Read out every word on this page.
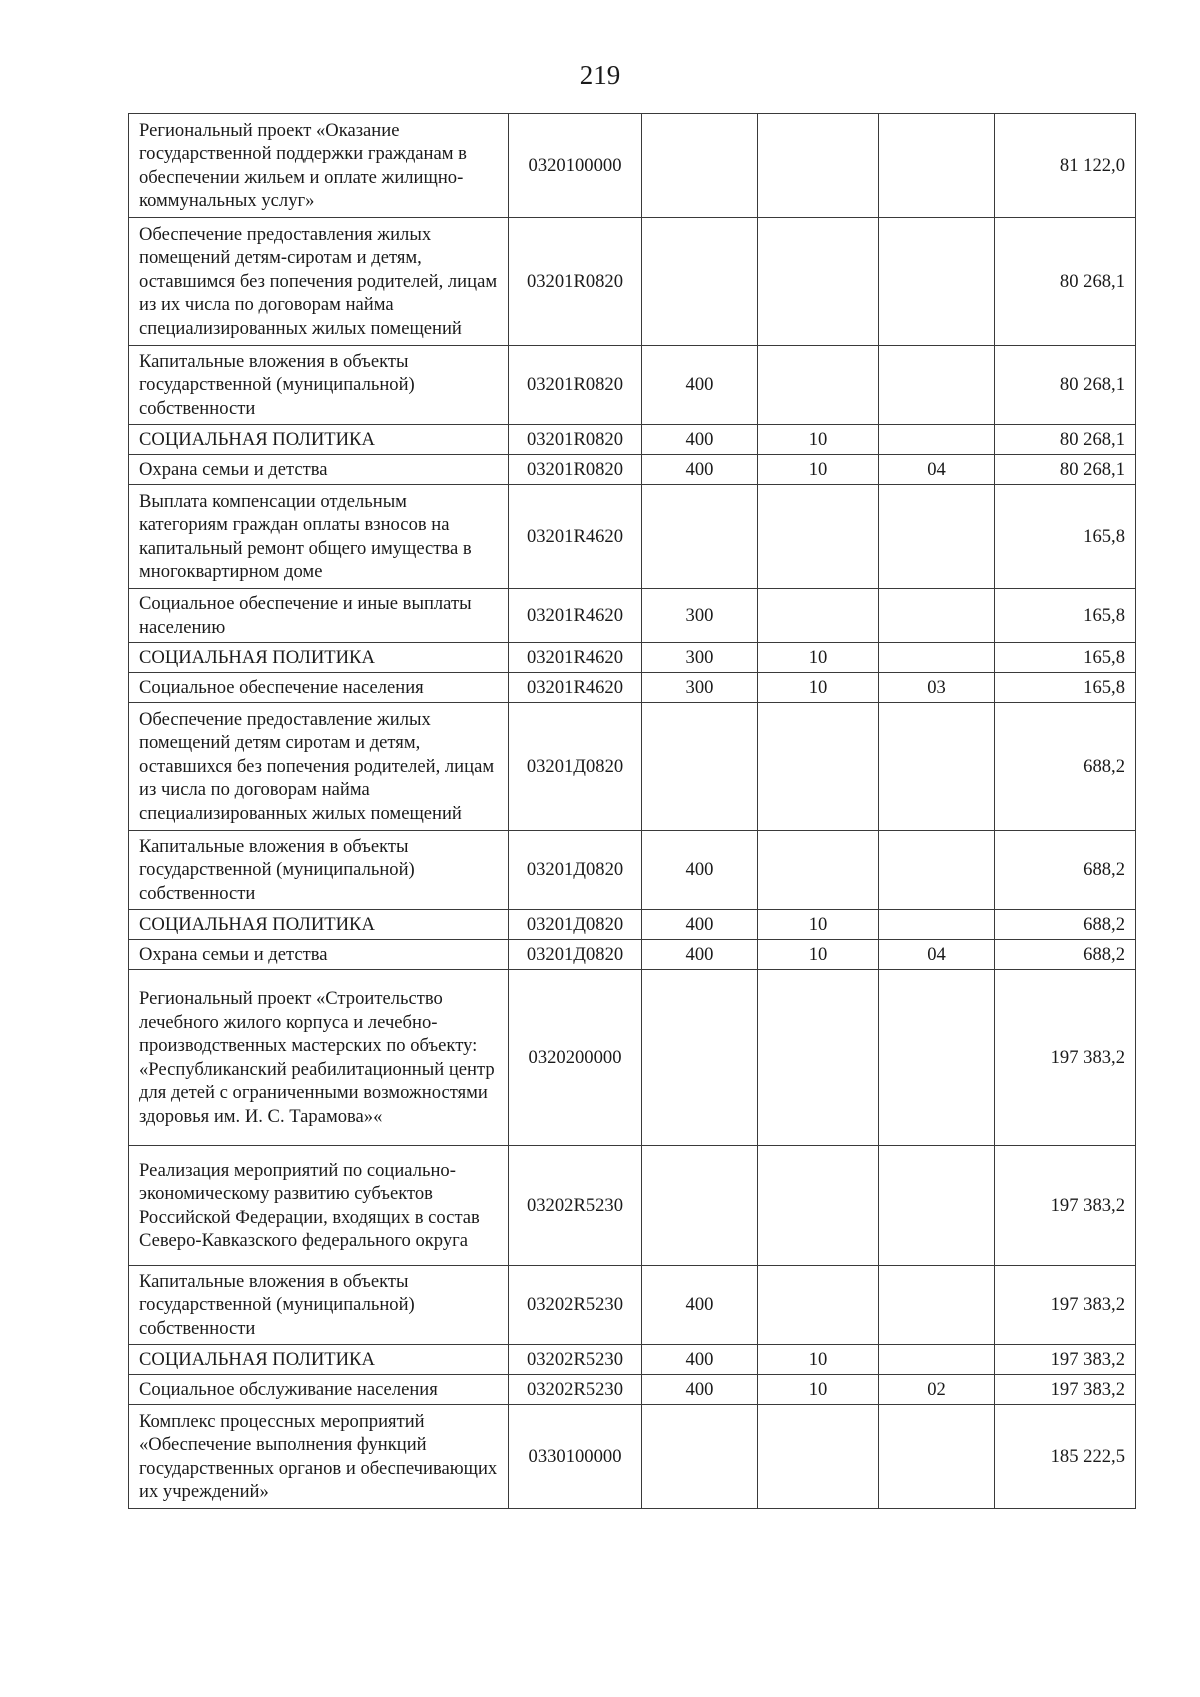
219
Региональный проект «Оказание государственной поддержки гражданам в обеспечении жильем и оплате жилищно-коммунальных услуг»	0320100000				81 122,0
Обеспечение предоставления жилых помещений детям-сиротам и детям, оставшимся без попечения родителей, лицам из их числа по договорам найма специализированных жилых помещений	03201R0820				80 268,1
Капитальные вложения в объекты государственной (муниципальной) собственности	03201R0820	400			80 268,1
СОЦИАЛЬНАЯ ПОЛИТИКА	03201R0820	400	10		80 268,1
Охрана семьи и детства	03201R0820	400	10	04	80 268,1
Выплата компенсации отдельным категориям граждан оплаты взносов на капитальный ремонт общего имущества в многоквартирном доме	03201R4620				165,8
Социальное обеспечение и иные выплаты населению	03201R4620	300			165,8
СОЦИАЛЬНАЯ ПОЛИТИКА	03201R4620	300	10		165,8
Социальное обеспечение населения	03201R4620	300	10	03	165,8
Обеспечение предоставление жилых помещений детям сиротам и детям, оставшихся без попечения родителей, лицам из числа по договорам найма специализированных жилых помещений	03201Д0820				688,2
Капитальные вложения в объекты государственной (муниципальной) собственности	03201Д0820	400			688,2
СОЦИАЛЬНАЯ ПОЛИТИКА	03201Д0820	400	10		688,2
Охрана семьи и детства	03201Д0820	400	10	04	688,2
Региональный проект «Строительство лечебного жилого корпуса и лечебно-производственных мастерских по объекту: «Республиканский реабилитационный центр для детей с ограниченными возможностями здоровья им. И. С. Тарамова»«	0320200000				197 383,2
Реализация мероприятий по социально-экономическому развитию субъектов Российской Федерации, входящих в состав Северо-Кавказского федерального округа	03202R5230				197 383,2
Капитальные вложения в объекты государственной (муниципальной) собственности	03202R5230	400			197 383,2
СОЦИАЛЬНАЯ ПОЛИТИКА	03202R5230	400	10		197 383,2
Социальное обслуживание населения	03202R5230	400	10	02	197 383,2
Комплекс процессных мероприятий «Обеспечение выполнения функций государственных органов и обеспечивающих их учреждений»	0330100000				185 222,5
